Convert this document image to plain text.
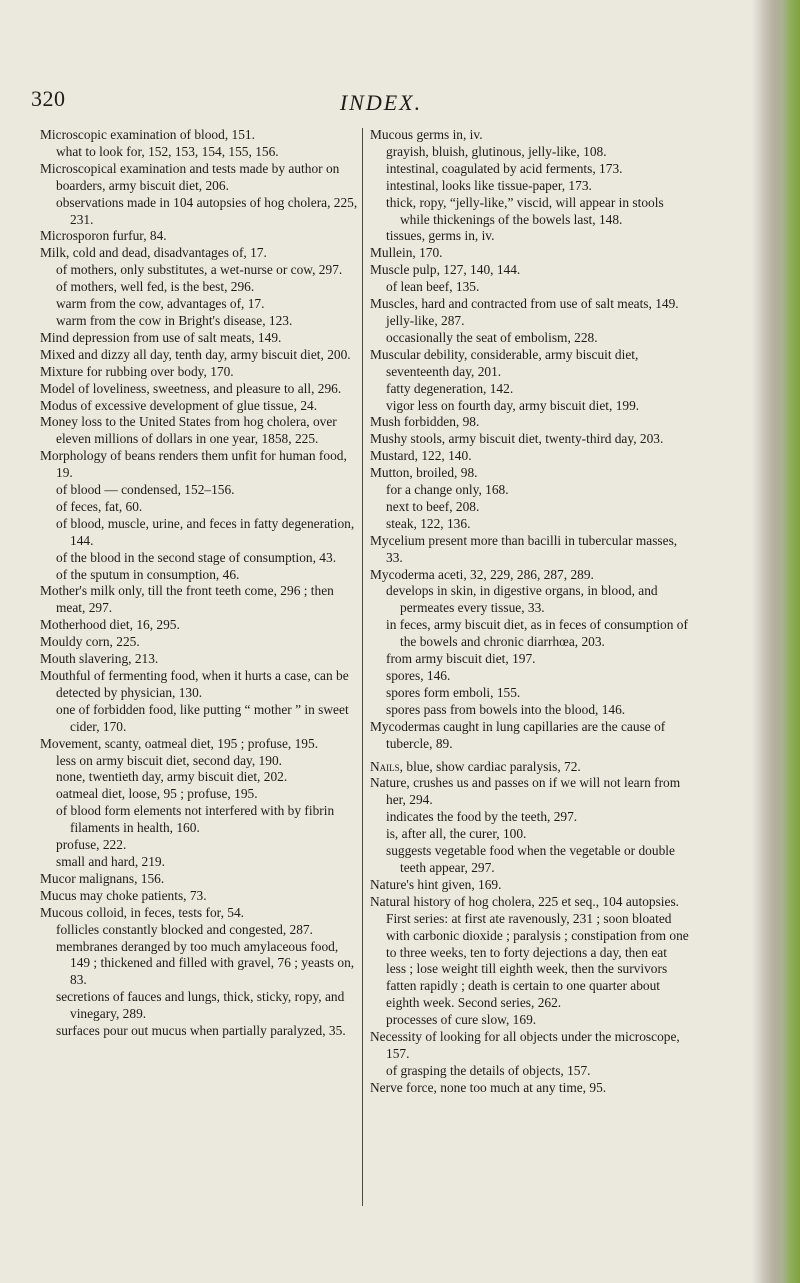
320	INDEX.

Microscopic examination of blood, 151.

what to look for, 152, 153, 154, 155, 156.

Microscopical examination and tests made by author on boarders, army biscuit diet, 206.

observations made in 104 autopsies of hog cholera, 225, 231.

Microsporon furfur, 84.

Milk, cold and dead, disadvantages of, 17.

of mothers, only substitutes, a wet-nurse or cow, 297.

of mothers, well fed, is the best, 296.

warm from the cow, advantages of, 17.

warm from the cow in Bright's disease, 123.

Mind depression from use of salt meats, 149.

Mixed and dizzy all day, tenth day, army biscuit diet, 200.

Mixture for rubbing over body, 170.

Model of loveliness, sweetness, and pleasure to all, 296.

Modus of excessive development of glue tissue, 24.

Money loss to the United States from hog cholera, over eleven millions of dollars in one year, 1858, 225.

Morphology of beans renders them unfit for human food, 19.

of blood — condensed, 152–156.

of feces, fat, 60.

of blood, muscle, urine, and feces in fatty degeneration, 144.

of the blood in the second stage of consumption, 43.

of the sputum in consumption, 46.

Mother's milk only, till the front teeth come, 296 ; then meat, 297.

Motherhood diet, 16, 295.

Mouldy corn, 225.

Mouth slavering, 213.

Mouthful of fermenting food, when it hurts a case, can be detected by physician, 130.

one of forbidden food, like putting “ mother ” in sweet cider, 170.

Movement, scanty, oatmeal diet, 195 ; profuse, 195.

less on army biscuit diet, second day, 190.

none, twentieth day, army biscuit diet, 202.

oatmeal diet, loose, 95 ; profuse, 195.

of blood form elements not interfered with by fibrin filaments in health, 160.

profuse, 222.

small and hard, 219.

Mucor malignans, 156.

Mucus may choke patients, 73.

Mucous colloid, in feces, tests for, 54.

follicles constantly blocked and congested, 287.

membranes deranged by too much amylaceous food, 149 ; thickened and filled with gravel, 76 ; yeasts on, 83.

secretions of fauces and lungs, thick, sticky, ropy, and vinegary, 289.

surfaces pour out mucus when partially paralyzed, 35.

Mucous germs in, iv.

grayish, bluish, glutinous, jelly-like, 108.

intestinal, coagulated by acid ferments, 173.

intestinal, looks like tissue-paper, 173.

thick, ropy, “jelly-like,” viscid, will appear in stools while thickenings of the bowels last, 148.

tissues, germs in, iv.

Mullein, 170.

Muscle pulp, 127, 140, 144.

of lean beef, 135.

Muscles, hard and contracted from use of salt meats, 149.

jelly-like, 287.

occasionally the seat of embolism, 228.

Muscular debility, considerable, army biscuit diet, seventeenth day, 201.

fatty degeneration, 142.

vigor less on fourth day, army biscuit diet, 199.

Mush forbidden, 98.

Mushy stools, army biscuit diet, twenty-third day, 203.

Mustard, 122, 140.

Mutton, broiled, 98.

for a change only, 168.

next to beef, 208.

steak, 122, 136.

Mycelium present more than bacilli in tubercular masses, 33.

Mycoderma aceti, 32, 229, 286, 287, 289.

develops in skin, in digestive organs, in blood, and permeates every tissue, 33.

in feces, army biscuit diet, as in feces of consumption of the bowels and chronic diarrhœa, 203.

from army biscuit diet, 197.

spores, 146.

spores form emboli, 155.

spores pass from bowels into the blood, 146.

Mycodermas caught in lung capillaries are the cause of tubercle, 89.

Nails, blue, show cardiac paralysis, 72.

Nature, crushes us and passes on if we will not learn from her, 294.

indicates the food by the teeth, 297.

is, after all, the curer, 100.

suggests vegetable food when the vegetable or double teeth appear, 297.

Nature's hint given, 169.

Natural history of hog cholera, 225 et seq., 104 autopsies. First series: at first ate ravenously, 231 ; soon bloated with carbonic dioxide ; paralysis ; constipation from one to three weeks, ten to forty dejections a day, then eat less ; lose weight till eighth week, then the survivors fatten rapidly ; death is certain to one quarter about eighth week. Second series, 262.

processes of cure slow, 169.

Necessity of looking for all objects under the microscope, 157.

of grasping the details of objects, 157.

Nerve force, none too much at any time, 95.
